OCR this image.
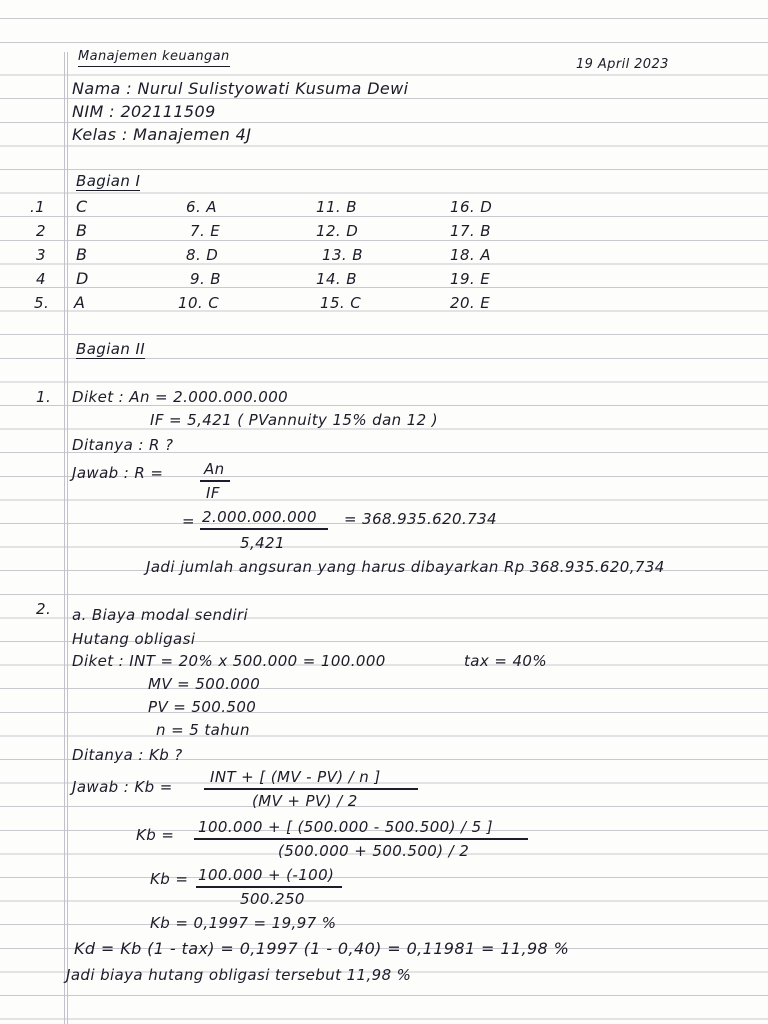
Manajemen keuangan
19 April 2023
Nama : Nurul Sulistyowati Kusuma Dewi
NIM : 202111509
Kelas : Manajemen 4J
Bagian I
.1 C
2 B
3 B
4 D
5. A
6. A
7. E
8. D
9. B
10. C
11. B
12. D
13. B
14. B
15. C
16. D
17. B
18. A
19. E
20. E
Bagian II
1. Diket : An = 2.000.000.000
IF = 5,421 ( PVannuity 15% dan 12 )
Ditanya : R ?
Jawab : R =	An
IF
= 2.000.000.000
5,421
= 368.935.620.734
Jadi jumlah angsuran yang harus dibayarkan Rp 368.935.620,734
2. a. Biaya modal sendiri
Hutang obligasi
Diket : INT = 20% x 500.000 = 100.000	tax = 40%
MV = 500.000
PV = 500.500
n = 5 tahun
Ditanya : Kb ?
Jawab : Kb =
INT + [ (MV - PV) / n ]
(MV + PV) / 2
Kb = 100.000 + [ (500.000 - 500.500) / 5 ]
(500.000 + 500.500) / 2
Kb = 100.000 + (-100)
500.250
Kb = 0,1997 = 19,97 %
Kd = Kb (1 - tax) = 0,1997 (1 - 0,40) = 0,11981 = 11,98 %
Jadi biaya hutang obligasi tersebut 11,98 %
